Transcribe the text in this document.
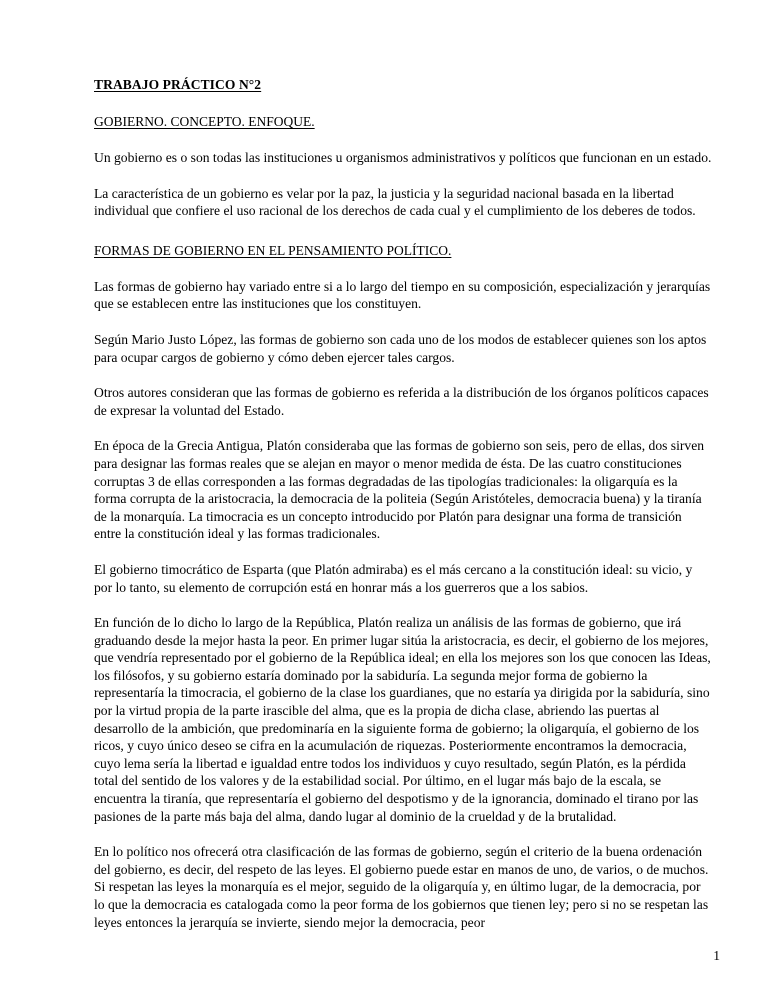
TRABAJO PRÁCTICO N°2
GOBIERNO. CONCEPTO. ENFOQUE.

Un gobierno es o son todas las instituciones u organismos administrativos y políticos que funcionan en un estado.

La característica de un gobierno es velar por la paz, la justicia y la seguridad nacional basada en la libertad individual que confiere el uso racional de los derechos de cada cual y el cumplimiento de los deberes de todos.

FORMAS DE GOBIERNO EN EL PENSAMIENTO POLÍTICO.

Las formas de gobierno hay variado entre si a lo largo del tiempo en su composición, especialización y jerarquías que se establecen entre las instituciones que los constituyen.

Según Mario Justo López, las formas de gobierno son cada uno de los modos de establecer quienes son los aptos para ocupar cargos de gobierno y cómo deben ejercer tales cargos.

Otros autores consideran que las formas de gobierno es referida a la distribución de los órganos políticos capaces de expresar la voluntad del Estado.

En época de la Grecia Antigua, Platón consideraba que las formas de gobierno son seis, pero de ellas, dos sirven para designar las formas reales que se alejan en mayor o menor medida de ésta. De las cuatro constituciones corruptas 3 de ellas corresponden a las formas degradadas de las tipologías tradicionales: la oligarquía es la forma corrupta de la aristocracia, la democracia de la politeia (Según Aristóteles, democracia buena) y la tiranía de la monarquía. La timocracia es un concepto introducido por Platón para designar una forma de transición entre la constitución ideal y las formas tradicionales.

El gobierno timocrático de Esparta (que Platón admiraba) es el más cercano a la constitución ideal: su vicio, y por lo tanto, su elemento de corrupción está en honrar más a los guerreros que a los sabios.

En función de lo dicho lo largo de la República, Platón realiza un análisis de las formas de gobierno, que irá graduando desde la mejor hasta la peor. En primer lugar sitúa la aristocracia, es decir, el gobierno de los mejores, que vendría representado por el gobierno de la República ideal; en ella los mejores son los que conocen las Ideas, los filósofos, y su gobierno estaría dominado por la sabiduría. La segunda mejor forma de gobierno la representaría la timocracia, el gobierno de la clase los guardianes, que no estaría ya dirigida por la sabiduría, sino por la virtud propia de la parte irascible del alma, que es la propia de dicha clase, abriendo las puertas al desarrollo de la ambición, que predominaría en la siguiente forma de gobierno; la oligarquía, el gobierno de los ricos, y cuyo único deseo se cifra en la acumulación de riquezas. Posteriormente encontramos la democracia, cuyo lema sería la libertad e igualdad entre todos los individuos y cuyo resultado, según Platón, es la pérdida total del sentido de los valores y de la estabilidad social. Por último, en el lugar más bajo de la escala, se encuentra la tiranía, que representaría el gobierno del despotismo y de la ignorancia, dominado el tirano por las pasiones de la parte más baja del alma, dando lugar al dominio de la crueldad y de la brutalidad.

En lo político nos ofrecerá otra clasificación de las formas de gobierno, según el criterio de la buena ordenación del gobierno, es decir, del respeto de las leyes. El gobierno puede estar en manos de uno, de varios, o de muchos. Si respetan las leyes la monarquía es el mejor, seguido de la oligarquía y, en último lugar, de la democracia, por lo que la democracia es catalogada como la peor forma de los gobiernos que tienen ley; pero si no se respetan las leyes entonces la jerarquía se invierte, siendo mejor la democracia, peor

1
